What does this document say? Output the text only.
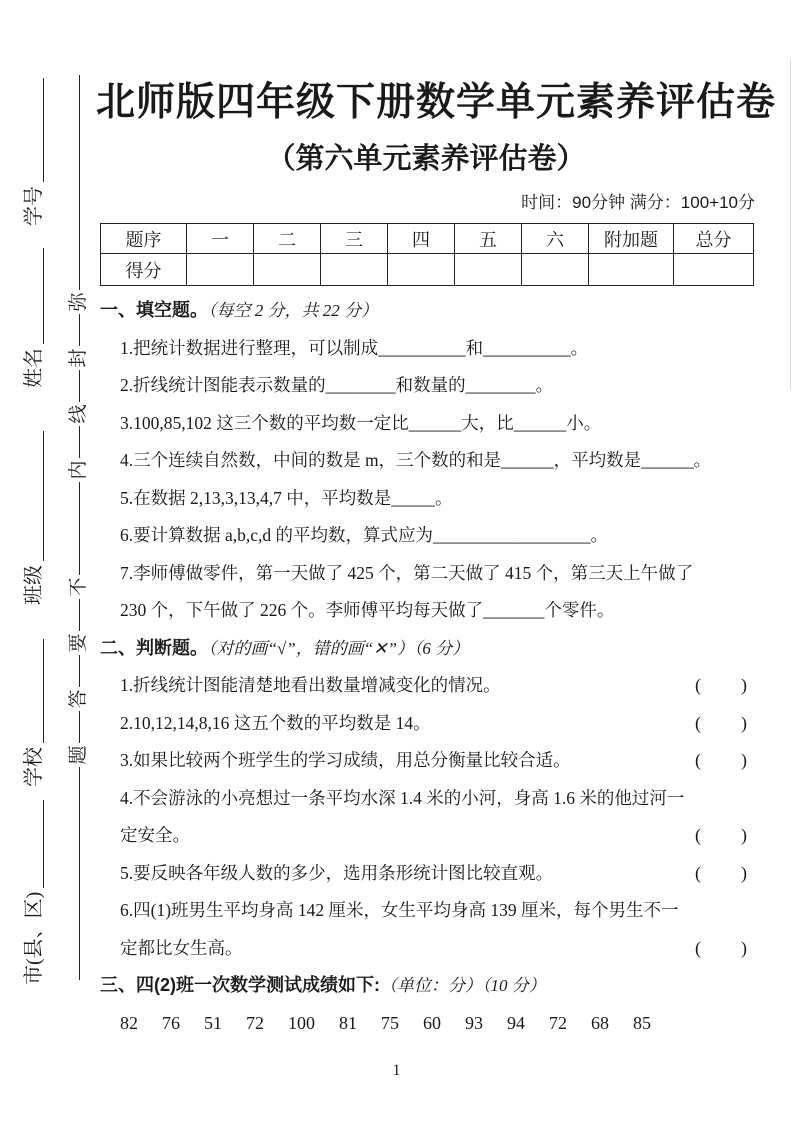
学号
姓名
班级
学校
市(县、区)
弥
封
线
内
不
要
答
题
北师版四年级下册数学单元素养评估卷
（第六单元素养评估卷）
时间：90分钟 满分：100+10分
题序	一	二	三	四	五	六	附加题	总分
得分								
一、填空题。（每空 2 分，共 22 分）
1.把统计数据进行整理，可以制成__________和__________。
2.折线统计图能表示数量的________和数量的________。
3.100,85,102 这三个数的平均数一定比______大，比______小。
4.三个连续自然数，中间的数是 m，三个数的和是______，平均数是______。
5.在数据 2,13,3,13,4,7 中，平均数是_____。
6.要计算数据 a,b,c,d 的平均数，算式应为__________________。
7.李师傅做零件，第一天做了 425 个，第二天做了 415 个，第三天上午做了 230 个，下午做了 226 个。李师傅平均每天做了_______个零件。
二、判断题。（对的画“√”，错的画“✕”）（6 分）
1.折线统计图能清楚地看出数量增减变化的情况。	( )
2.10,12,14,8,16 这五个数的平均数是 14。	( )
3.如果比较两个班学生的学习成绩，用总分衡量比较合适。	( )
4.不会游泳的小亮想过一条平均水深 1.4 米的小河，身高 1.6 米的他过河一定安全。	( )
5.要反映各年级人数的多少，选用条形统计图比较直观。	( )
6.四(1)班男生平均身高 142 厘米，女生平均身高 139 厘米，每个男生不一定都比女生高。	( )
三、四(2)班一次数学测试成绩如下:（单位：分）（10 分）
82 76 51 72 100 81 75 60 93 94 72 68 85
1
